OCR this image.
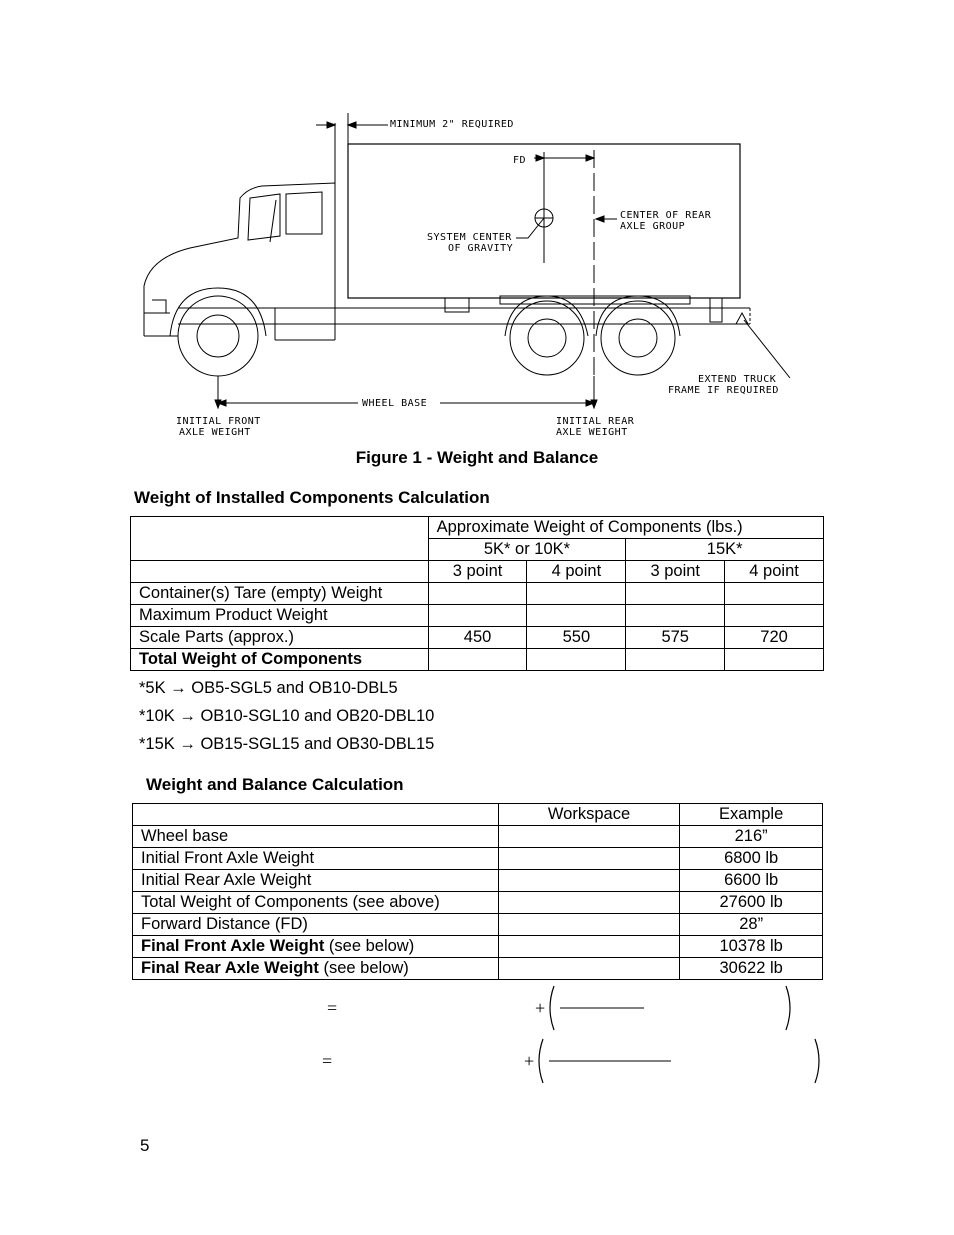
MINIMUM 2" REQUIRED
FD
CENTER OF REAR
AXLE GROUP
SYSTEM CENTER
OF GRAVITY
EXTEND TRUCK
FRAME IF REQUIRED
WHEEL BASE
INITIAL FRONT
AXLE WEIGHT
INITIAL REAR
AXLE WEIGHT
Figure 1 - Weight and Balance
Weight of Installed Components Calculation
	Approximate Weight of Components (lbs.)			
	5K* or 10K*		15K*	
	3 point	4 point	3 point	4 point
Container(s) Tare (empty) Weight				
Maximum Product Weight				
Scale Parts (approx.)	450	550	575	720
Total Weight of Components				
*5K → OB5-SGL5 and OB10-DBL5
*10K → OB10-SGL10 and OB20-DBL10
*15K → OB15-SGL15 and OB30-DBL15
Weight and Balance Calculation
	Workspace	Example
Wheel base		216”
Initial Front Axle Weight		6800 lb
Initial Rear Axle Weight		6600 lb
Total Weight of Components (see above)		27600 lb
Forward Distance (FD)		28”
Final Front Axle Weight (see below)		10378 lb
Final Rear Axle Weight (see below)		30622 lb
=	+
=	+
5
